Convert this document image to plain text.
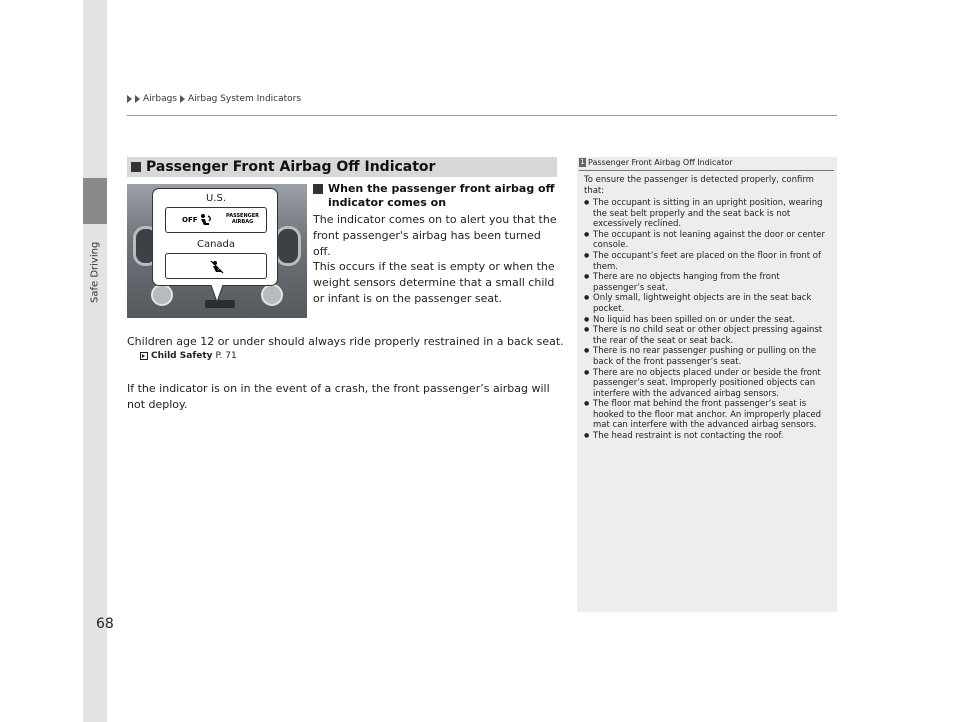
Safe Driving
Airbags Airbag System Indicators
Passenger Front Airbag Off Indicator
U.S.
OFF	PASSENGER
AIRBAG
Canada
When the passenger front airbag off indicator comes on
The indicator comes on to alert you that the front passenger's airbag has been turned off.
This occurs if the seat is empty or when the weight sensors determine that a small child or infant is on the passenger seat.
Children age 12 or under should always ride properly restrained in a back seat.
Child Safety P. 71
If the indicator is on in the event of a crash, the front passenger’s airbag will not deploy.
1 Passenger Front Airbag Off Indicator
To ensure the passenger is detected properly, confirm that:
● The occupant is sitting in an upright position, wearing the seat belt properly and the seat back is not excessively reclined.
● The occupant is not leaning against the door or center console.
● The occupant’s feet are placed on the floor in front of them.
● There are no objects hanging from the front passenger’s seat.
● Only small, lightweight objects are in the seat back pocket.
● No liquid has been spilled on or under the seat.
● There is no child seat or other object pressing against the rear of the seat or seat back.
● There is no rear passenger pushing or pulling on the back of the front passenger’s seat.
● There are no objects placed under or beside the front passenger’s seat. Improperly positioned objects can interfere with the advanced airbag sensors.
● The floor mat behind the front passenger’s seat is hooked to the floor mat anchor. An improperly placed mat can interfere with the advanced airbag sensors.
● The head restraint is not contacting the roof.
68
